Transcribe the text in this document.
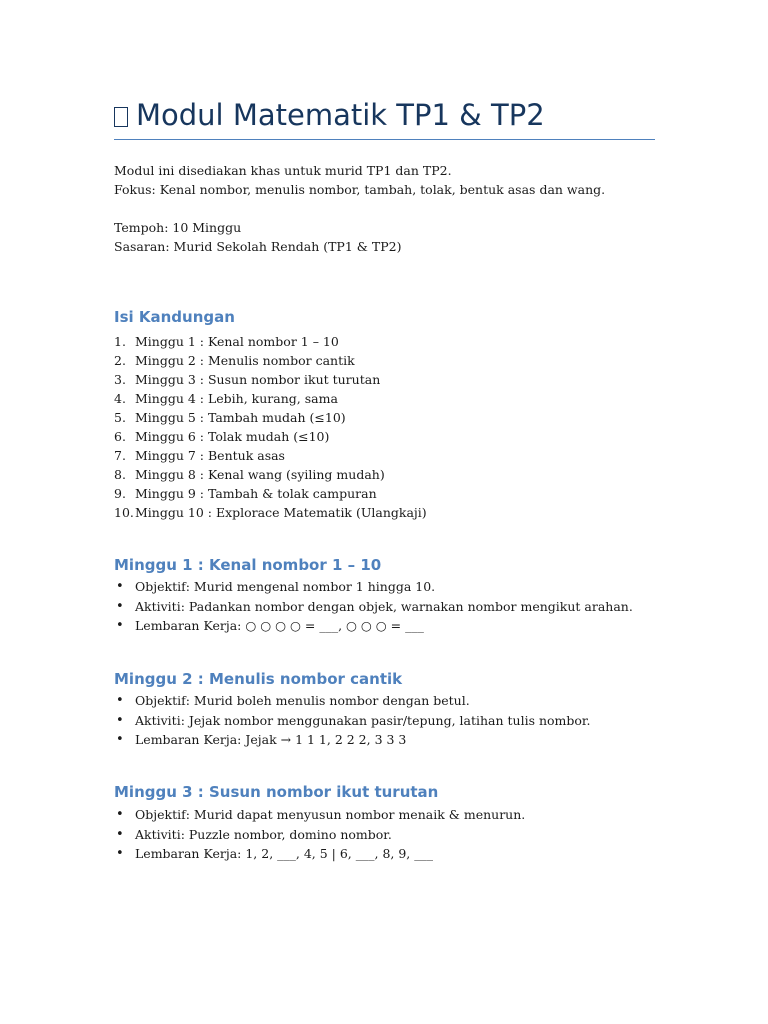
Modul Matematik TP1 & TP2

Modul ini disediakan khas untuk murid TP1 dan TP2.

Fokus: Kenal nombor, menulis nombor, tambah, tolak, bentuk asas dan wang.

Tempoh: 10 Minggu

Sasaran: Murid Sekolah Rendah (TP1 & TP2)

Isi Kandungan
1. Minggu 1 : Kenal nombor 1 – 10
2. Minggu 2 : Menulis nombor cantik
3. Minggu 3 : Susun nombor ikut turutan
4. Minggu 4 : Lebih, kurang, sama
5. Minggu 5 : Tambah mudah (≤10)
6. Minggu 6 : Tolak mudah (≤10)
7. Minggu 7 : Bentuk asas
8. Minggu 8 : Kenal wang (syiling mudah)
9. Minggu 9 : Tambah & tolak campuran
10.Minggu 10 : Explorace Matematik (Ulangkaji)
Minggu 1 : Kenal nombor 1 – 10
• Objektif: Murid mengenal nombor 1 hingga 10.
• Aktiviti: Padankan nombor dengan objek, warnakan nombor mengikut arahan.
• Lembaran Kerja: ○ ○ ○ ○ = ___, ○ ○ ○ = ___
Minggu 2 : Menulis nombor cantik
• Objektif: Murid boleh menulis nombor dengan betul.
• Aktiviti: Jejak nombor menggunakan pasir/tepung, latihan tulis nombor.
• Lembaran Kerja: Jejak → 1 1 1, 2 2 2, 3 3 3
Minggu 3 : Susun nombor ikut turutan
• Objektif: Murid dapat menyusun nombor menaik & menurun.
• Aktiviti: Puzzle nombor, domino nombor.
• Lembaran Kerja: 1, 2, ___, 4, 5 | 6, ___, 8, 9, ___
